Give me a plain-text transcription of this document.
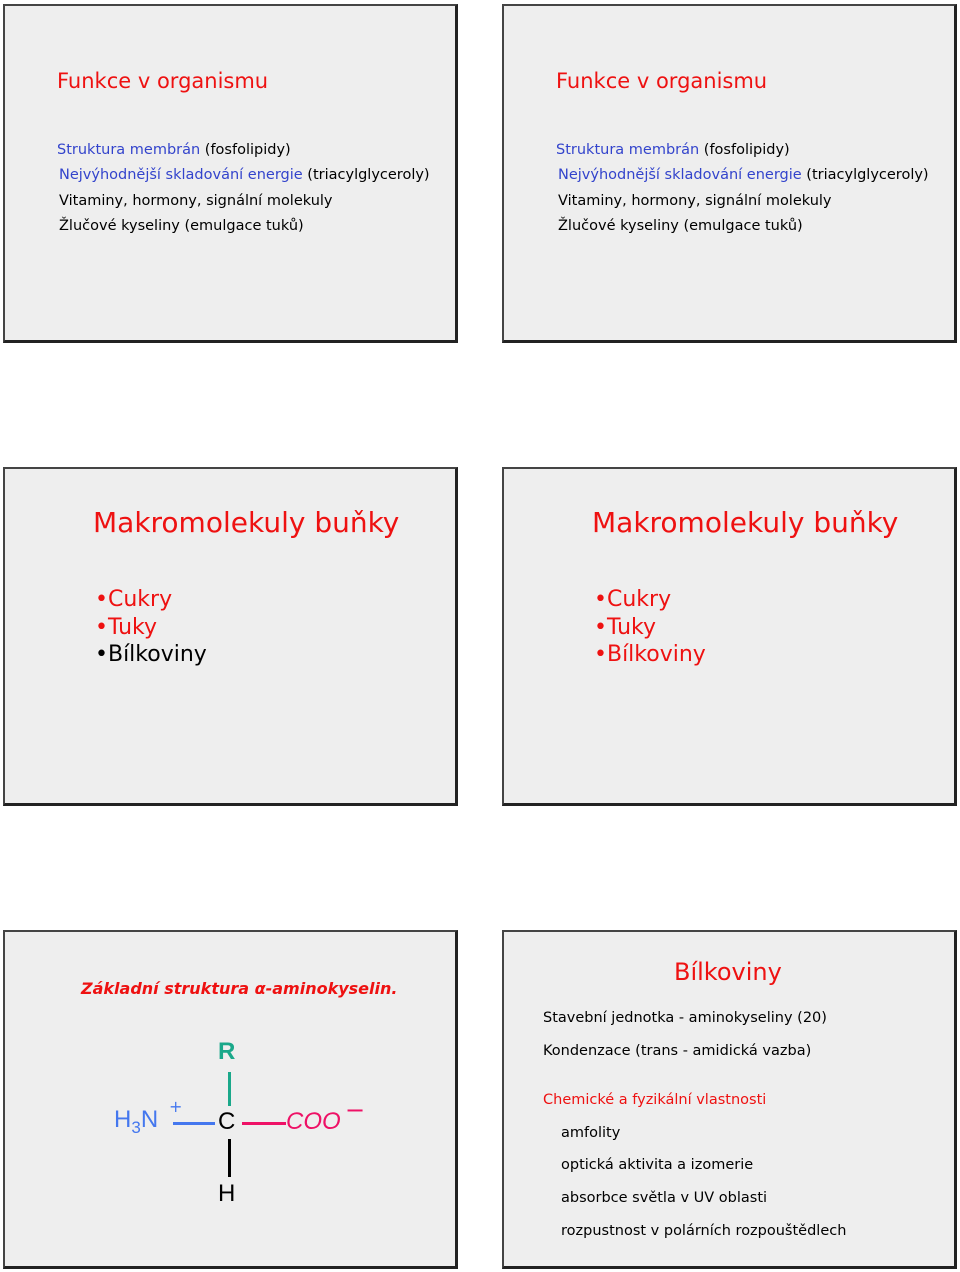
Funkce v organismu
Struktura membrán (fosfolipidy)
Nejvýhodnější skladování energie (triacylglyceroly)
Vitaminy, hormony, signální molekuly
Žlučové kyseliny (emulgace tuků)
Funkce v organismu
Struktura membrán (fosfolipidy)
Nejvýhodnější skladování energie (triacylglyceroly)
Vitaminy, hormony, signální molekuly
Žlučové kyseliny (emulgace tuků)
Makromolekuly buňky
•Cukry
•Tuky
•Bílkoviny
Makromolekuly buňky
•Cukry
•Tuky
•Bílkoviny
Základní struktura α-aminokyselin.
R
$H_3N$ +
C COO −
H
Bílkoviny
Stavební jednotka - aminokyseliny (20)
Kondenzace (trans - amidická vazba)
Chemické a fyzikální vlastnosti
amfolity
optická aktivita a izomerie
absorbce světla v UV oblasti
rozpustnost v polárních rozpouštědlech
